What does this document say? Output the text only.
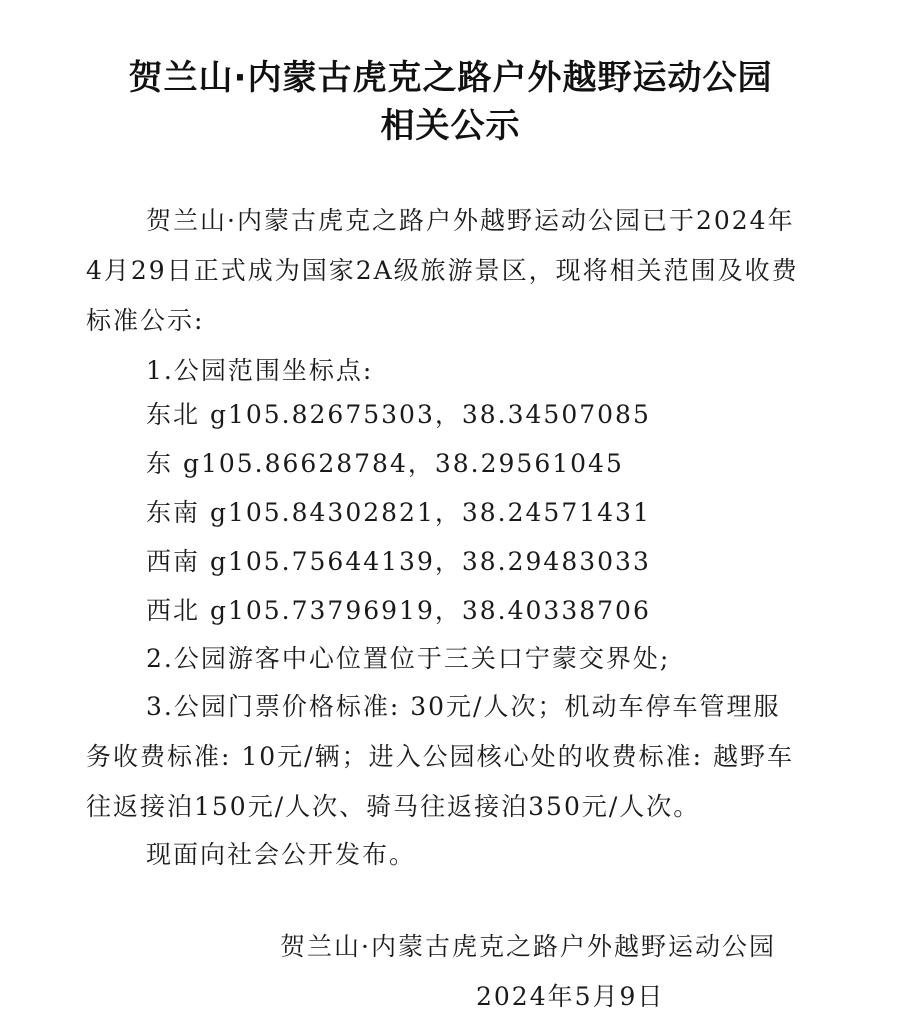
贺兰山·内蒙古虎克之路户外越野运动公园
相关公示

贺兰山·内蒙古虎克之路户外越野运动公园已于2024年4月29日正式成为国家2A级旅游景区，现将相关范围及收费标准公示:

1.公园范围坐标点:
东北 g105.82675303，38.34507085
东 g105.86628784，38.29561045
东南 g105.84302821，38.24571431
西南 g105.75644139，38.29483033
西北 g105.73796919，38.40338706
2.公园游客中心位置位于三关口宁蒙交界处;

3.公园门票价格标准: 30元/人次；机动车停车管理服务收费标准: 10元/辆；进入公园核心处的收费标准: 越野车往返接泊150元/人次、骑马往返接泊350元/人次。

现面向社会公开发布。
贺兰山·内蒙古虎克之路户外越野运动公园
2024年5月9日
